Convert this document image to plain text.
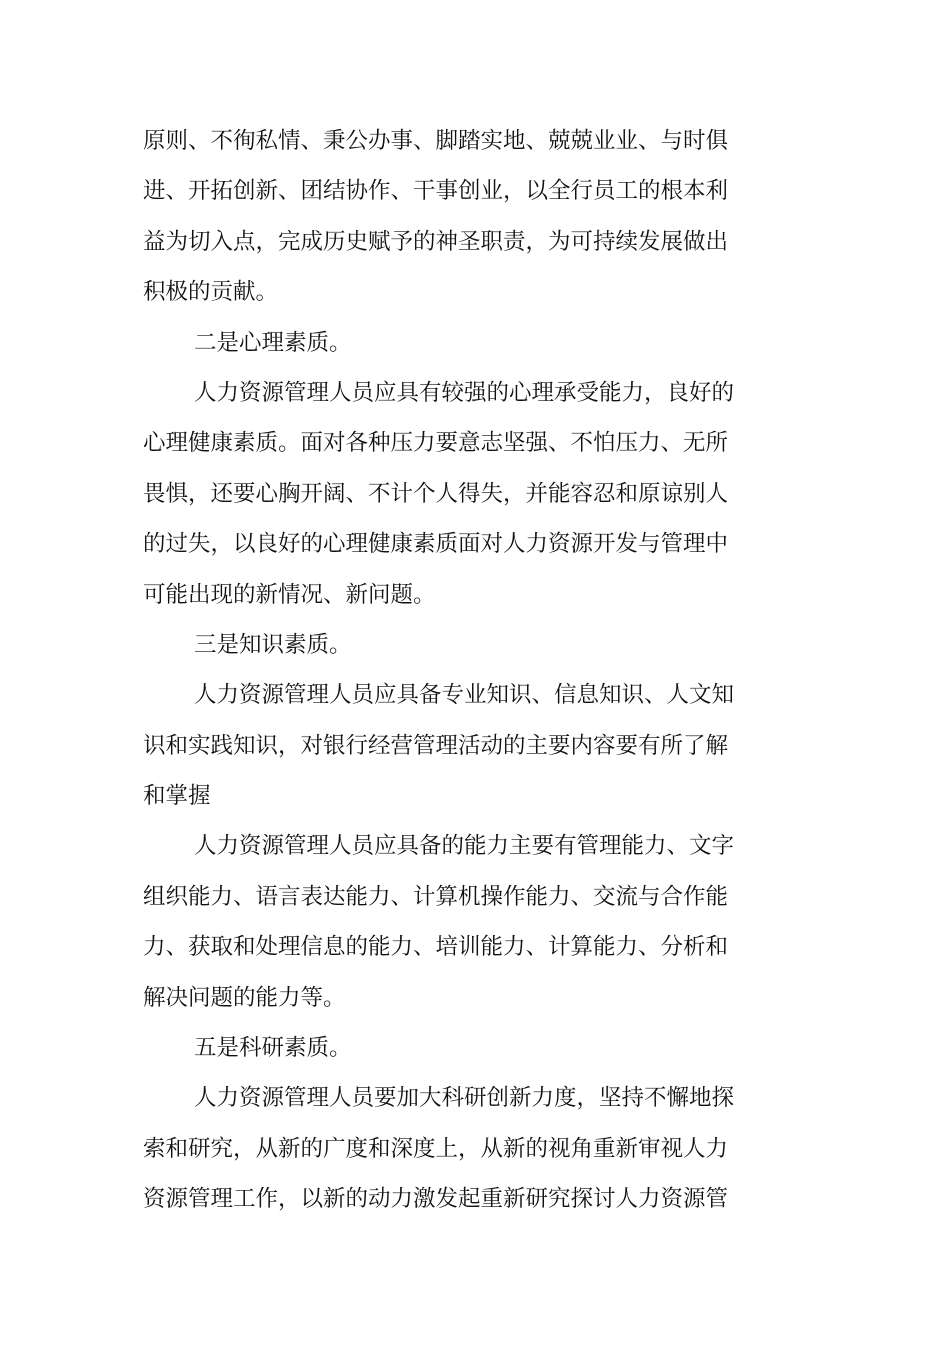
原则、不徇私情、秉公办事、脚踏实地、兢兢业业、与时俱
进、开拓创新、团结协作、干事创业，以全行员工的根本利
益为切入点，完成历史赋予的神圣职责，为可持续发展做出
积极的贡献。
二是心理素质。
人力资源管理人员应具有较强的心理承受能力，良好的
心理健康素质。面对各种压力要意志坚强、不怕压力、无所
畏惧，还要心胸开阔、不计个人得失，并能容忍和原谅别人
的过失，以良好的心理健康素质面对人力资源开发与管理中
可能出现的新情况、新问题。
三是知识素质。
人力资源管理人员应具备专业知识、信息知识、人文知
识和实践知识，对银行经营管理活动的主要内容要有所了解
和掌握
人力资源管理人员应具备的能力主要有管理能力、文字
组织能力、语言表达能力、计算机操作能力、交流与合作能
力、获取和处理信息的能力、培训能力、计算能力、分析和
解决问题的能力等。
五是科研素质。
人力资源管理人员要加大科研创新力度，坚持不懈地探
索和研究，从新的广度和深度上，从新的视角重新审视人力
资源管理工作，以新的动力激发起重新研究探讨人力资源管
